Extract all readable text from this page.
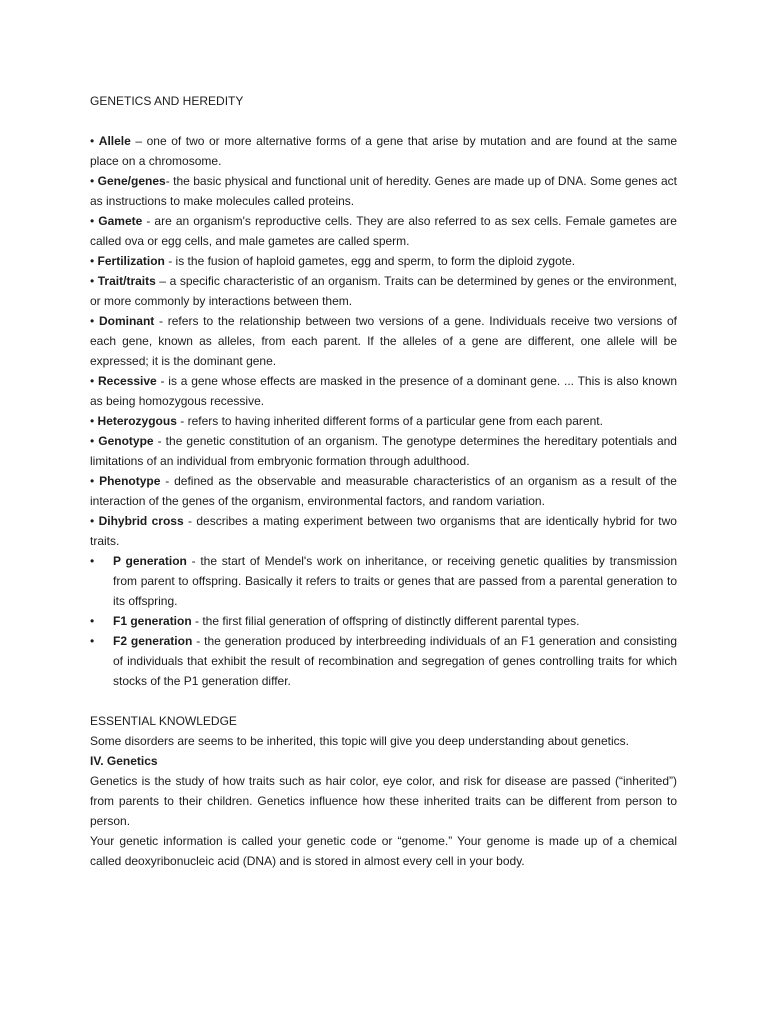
GENETICS AND HEREDITY

• Allele – one of two or more alternative forms of a gene that arise by mutation and are found at the same place on a chromosome.

• Gene/genes- the basic physical and functional unit of heredity. Genes are made up of DNA. Some genes act as instructions to make molecules called proteins.

• Gamete - are an organism's reproductive cells. They are also referred to as sex cells. Female gametes are called ova or egg cells, and male gametes are called sperm.

• Fertilization - is the fusion of haploid gametes, egg and sperm, to form the diploid zygote.

• Trait/traits – a specific characteristic of an organism. Traits can be determined by genes or the environment, or more commonly by interactions between them.

• Dominant - refers to the relationship between two versions of a gene. Individuals receive two versions of each gene, known as alleles, from each parent. If the alleles of a gene are different, one allele will be expressed; it is the dominant gene.

• Recessive - is a gene whose effects are masked in the presence of a dominant gene. ... This is also known as being homozygous recessive.

• Heterozygous - refers to having inherited different forms of a particular gene from each parent.

• Genotype - the genetic constitution of an organism. The genotype determines the hereditary potentials and limitations of an individual from embryonic formation through adulthood.

• Phenotype - defined as the observable and measurable characteristics of an organism as a result of the interaction of the genes of the organism, environmental factors, and random variation.

• Dihybrid cross - describes a mating experiment between two organisms that are identically hybrid for two traits.

•	P generation - the start of Mendel's work on inheritance, or receiving genetic qualities by transmission from parent to offspring. Basically it refers to traits or genes that are passed from a parental generation to its offspring.
•	F1 generation - the first filial generation of offspring of distinctly different parental types.
•	F2 generation - the generation produced by interbreeding individuals of an F1 generation and consisting of individuals that exhibit the result of recombination and segregation of genes controlling traits for which stocks of the P1 generation differ.

ESSENTIAL KNOWLEDGE

Some disorders are seems to be inherited, this topic will give you deep understanding about genetics.

IV. Genetics

Genetics is the study of how traits such as hair color, eye color, and risk for disease are passed (“inherited”) from parents to their children. Genetics influence how these inherited traits can be different from person to person.

Your genetic information is called your genetic code or “genome.” Your genome is made up of a chemical called deoxyribonucleic acid (DNA) and is stored in almost every cell in your body.
